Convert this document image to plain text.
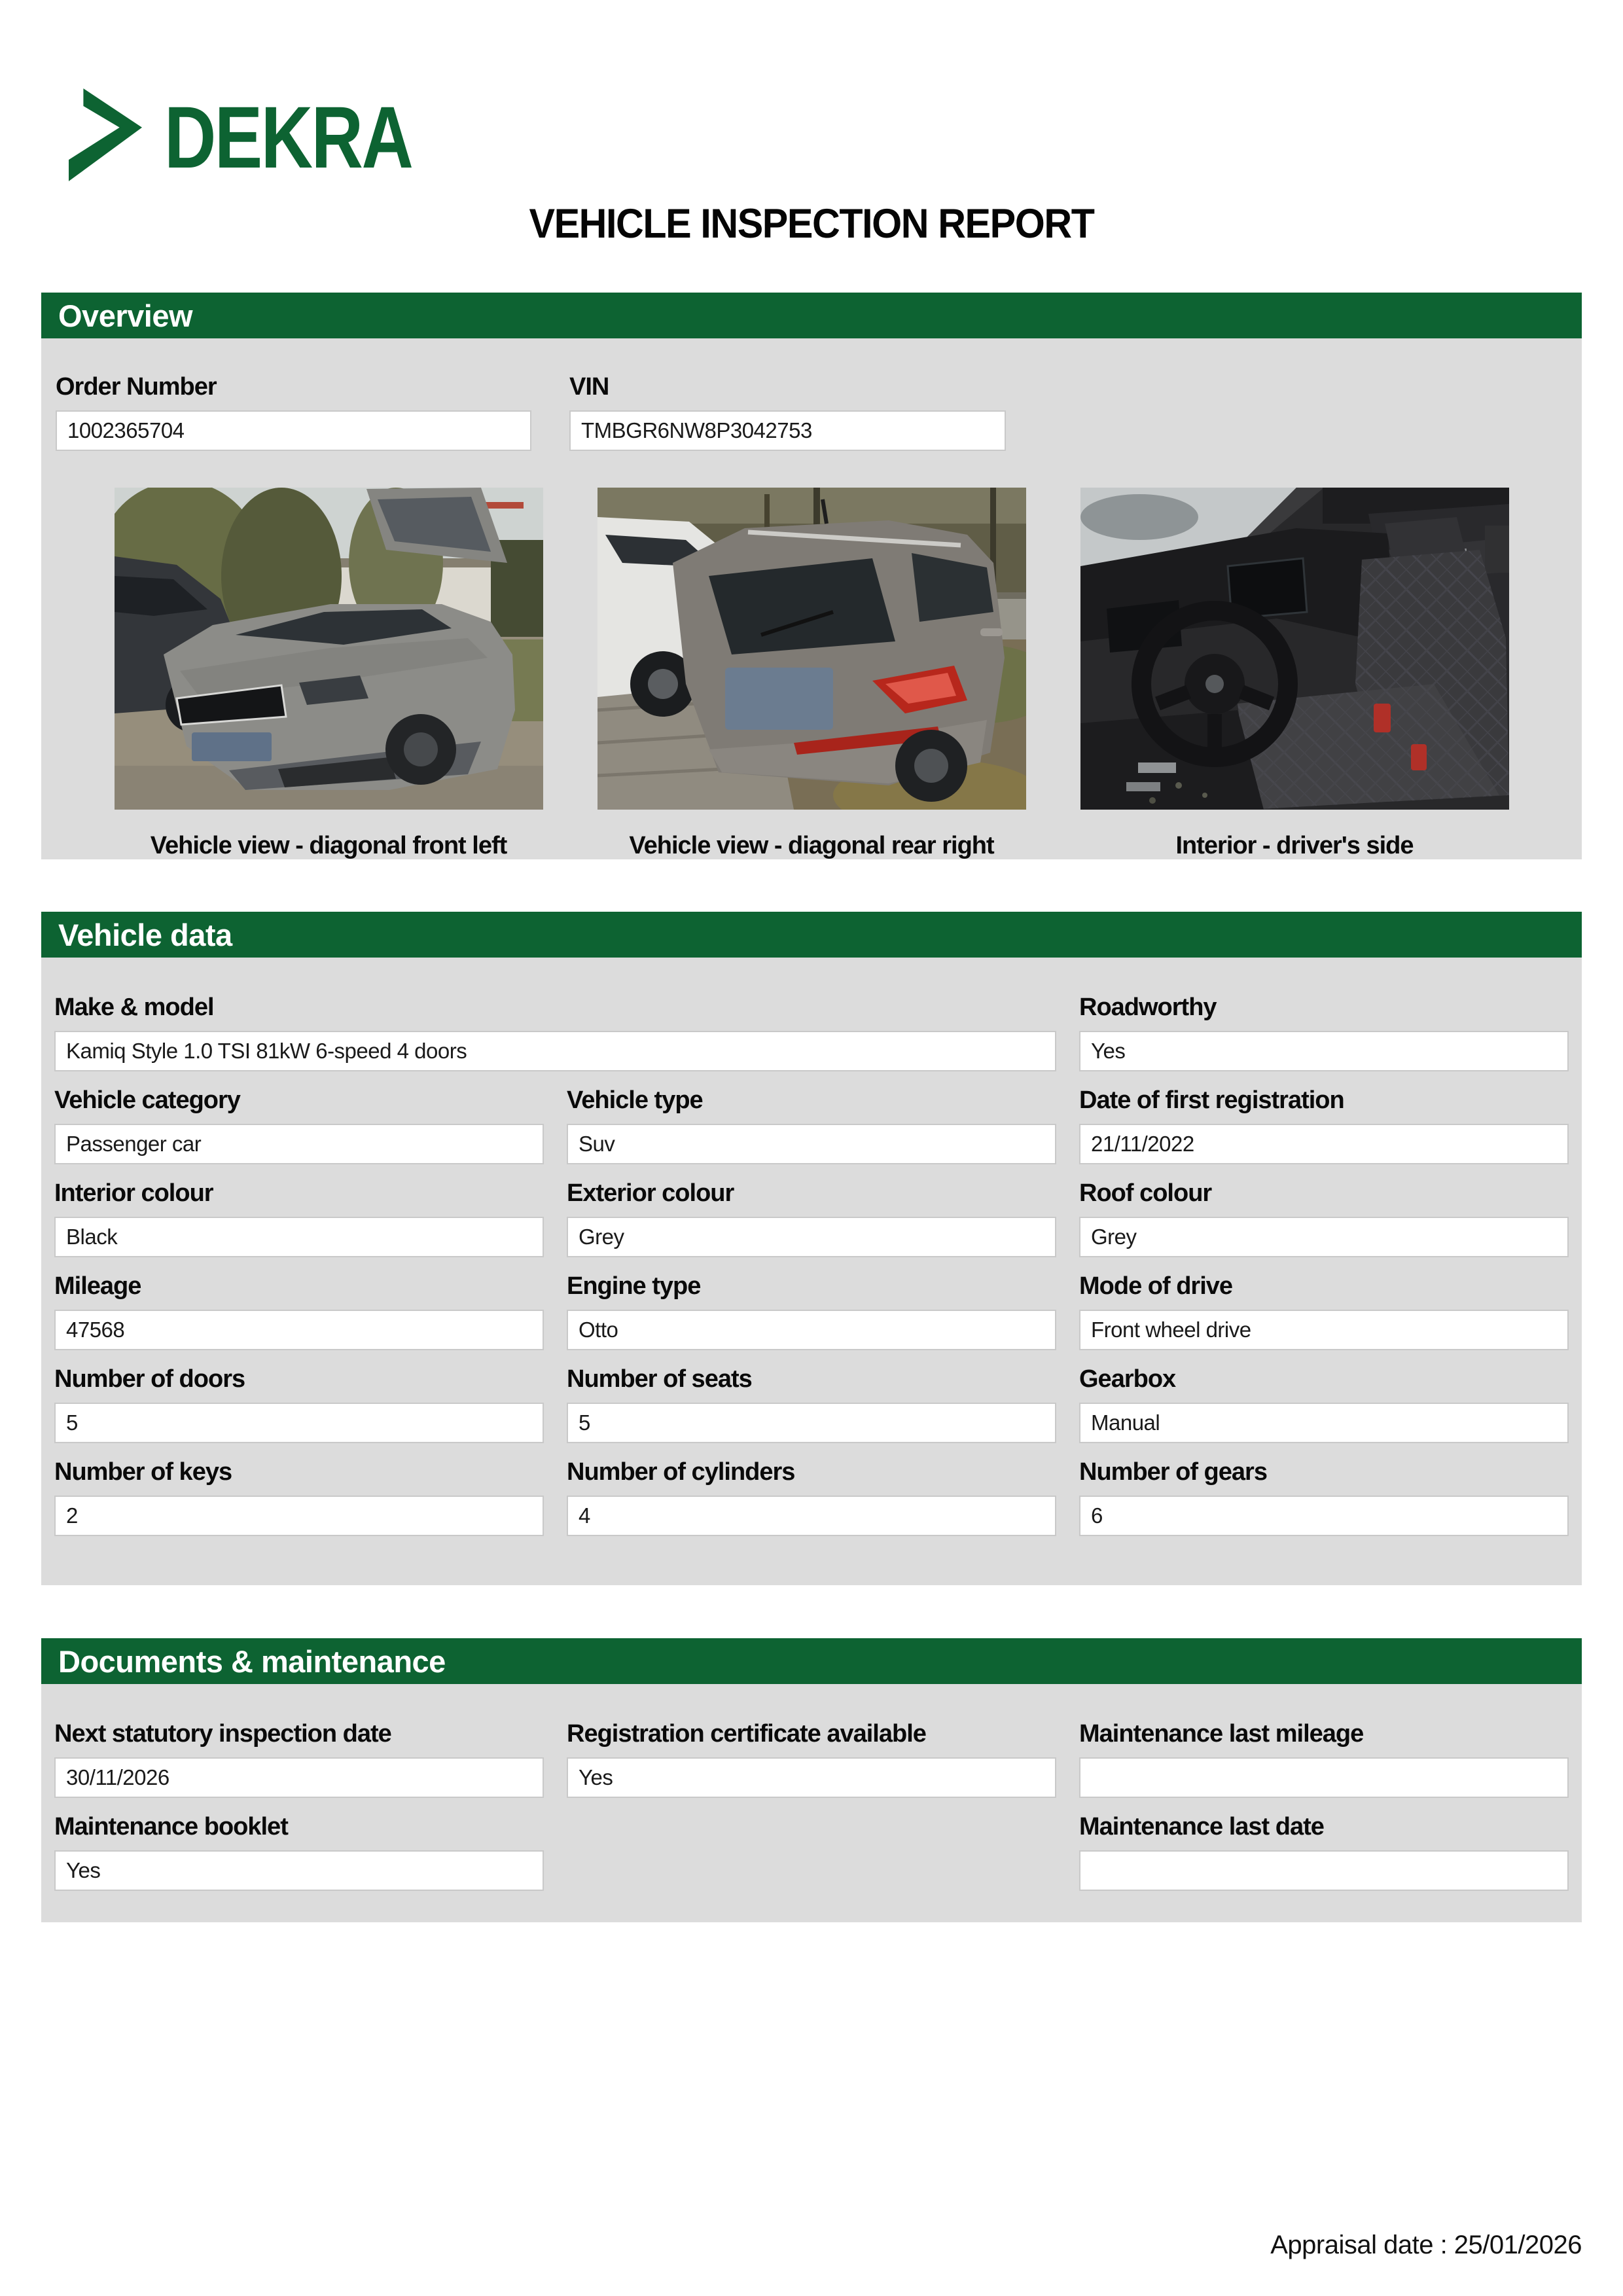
DEKRA
VEHICLE INSPECTION REPORT
Overview
Order Number
1002365704
VIN
TMBGR6NW8P3042753
Vehicle view - diagonal front left	Vehicle view - diagonal rear right	Interior - driver's side
Vehicle data
Make & model
Kamiq Style 1.0 TSI 81kW 6-speed 4 doors
Roadworthy
Yes
Vehicle category
Passenger car
Vehicle type
Suv
Date of first registration
21/11/2022
Interior colour
Black
Exterior colour
Grey
Roof colour
Grey
Mileage
47568
Engine type
Otto
Mode of drive
Front wheel drive
Number of doors
5
Number of seats
5
Gearbox
Manual
Number of keys
2
Number of cylinders
4
Number of gears
6
Documents & maintenance
Next statutory inspection date
30/11/2026
Registration certificate available
Yes
Maintenance last mileage
Maintenance booklet
Yes
Maintenance last date
Appraisal date : 25/01/2026
